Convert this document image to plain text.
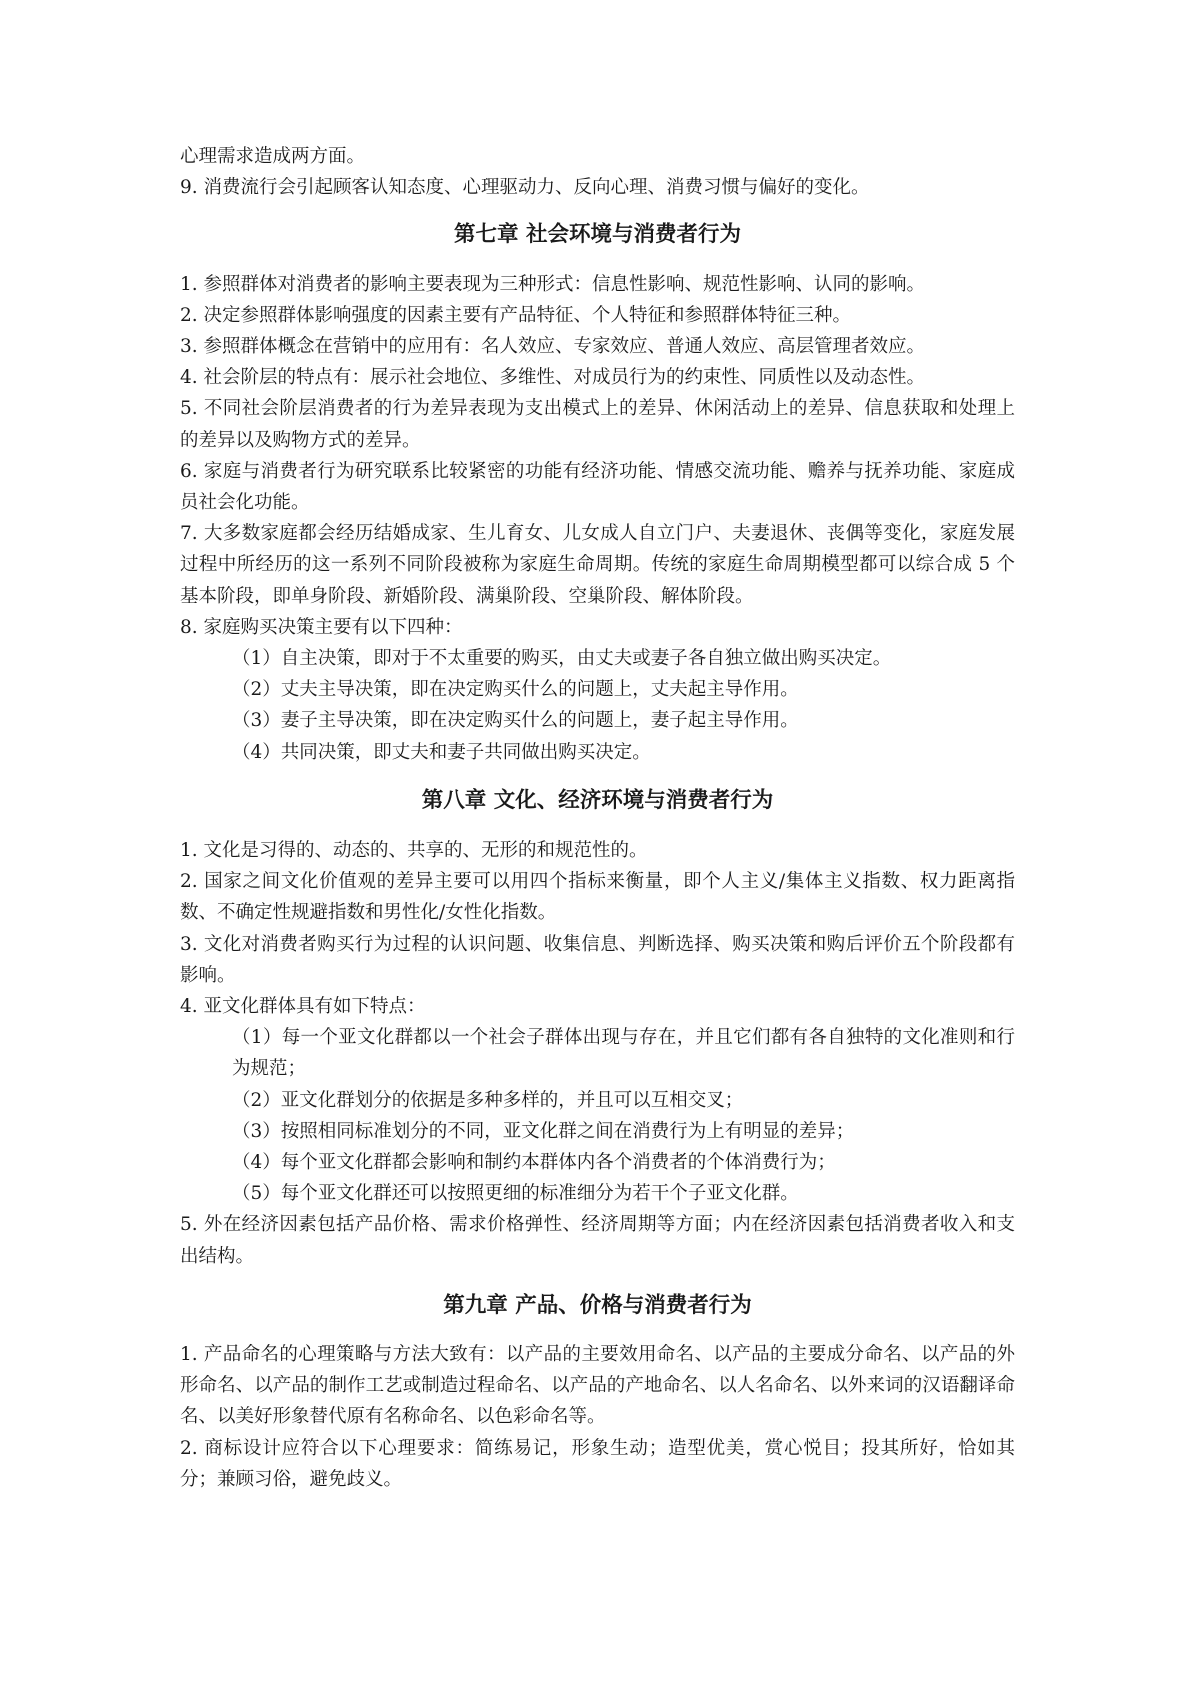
心理需求造成两方面。

9. 消费流行会引起顾客认知态度、心理驱动力、反向心理、消费习惯与偏好的变化。

第七章 社会环境与消费者行为

1. 参照群体对消费者的影响主要表现为三种形式：信息性影响、规范性影响、认同的影响。

2. 决定参照群体影响强度的因素主要有产品特征、个人特征和参照群体特征三种。

3. 参照群体概念在营销中的应用有：名人效应、专家效应、普通人效应、高层管理者效应。

4. 社会阶层的特点有：展示社会地位、多维性、对成员行为的约束性、同质性以及动态性。

5. 不同社会阶层消费者的行为差异表现为支出模式上的差异、休闲活动上的差异、信息获取和处理上的差异以及购物方式的差异。

6. 家庭与消费者行为研究联系比较紧密的功能有经济功能、情感交流功能、赡养与抚养功能、家庭成员社会化功能。

7. 大多数家庭都会经历结婚成家、生儿育女、儿女成人自立门户、夫妻退休、丧偶等变化，家庭发展过程中所经历的这一系列不同阶段被称为家庭生命周期。传统的家庭生命周期模型都可以综合成 5 个基本阶段，即单身阶段、新婚阶段、满巢阶段、空巢阶段、解体阶段。

8. 家庭购买决策主要有以下四种：

（1）自主决策，即对于不太重要的购买，由丈夫或妻子各自独立做出购买决定。

（2）丈夫主导决策，即在决定购买什么的问题上，丈夫起主导作用。

（3）妻子主导决策，即在决定购买什么的问题上，妻子起主导作用。

（4）共同决策，即丈夫和妻子共同做出购买决定。

第八章 文化、经济环境与消费者行为

1. 文化是习得的、动态的、共享的、无形的和规范性的。

2. 国家之间文化价值观的差异主要可以用四个指标来衡量，即个人主义/集体主义指数、权力距离指数、不确定性规避指数和男性化/女性化指数。

3. 文化对消费者购买行为过程的认识问题、收集信息、判断选择、购买决策和购后评价五个阶段都有影响。

4. 亚文化群体具有如下特点：

（1）每一个亚文化群都以一个社会子群体出现与存在，并且它们都有各自独特的文化准则和行为规范；

（2）亚文化群划分的依据是多种多样的，并且可以互相交叉；

（3）按照相同标准划分的不同，亚文化群之间在消费行为上有明显的差异；

（4）每个亚文化群都会影响和制约本群体内各个消费者的个体消费行为；

（5）每个亚文化群还可以按照更细的标准细分为若干个子亚文化群。

5. 外在经济因素包括产品价格、需求价格弹性、经济周期等方面；内在经济因素包括消费者收入和支出结构。

第九章 产品、价格与消费者行为

1. 产品命名的心理策略与方法大致有：以产品的主要效用命名、以产品的主要成分命名、以产品的外形命名、以产品的制作工艺或制造过程命名、以产品的产地命名、以人名命名、以外来词的汉语翻译命名、以美好形象替代原有名称命名、以色彩命名等。

2. 商标设计应符合以下心理要求：简练易记，形象生动；造型优美，赏心悦目；投其所好，恰如其分；兼顾习俗，避免歧义。
